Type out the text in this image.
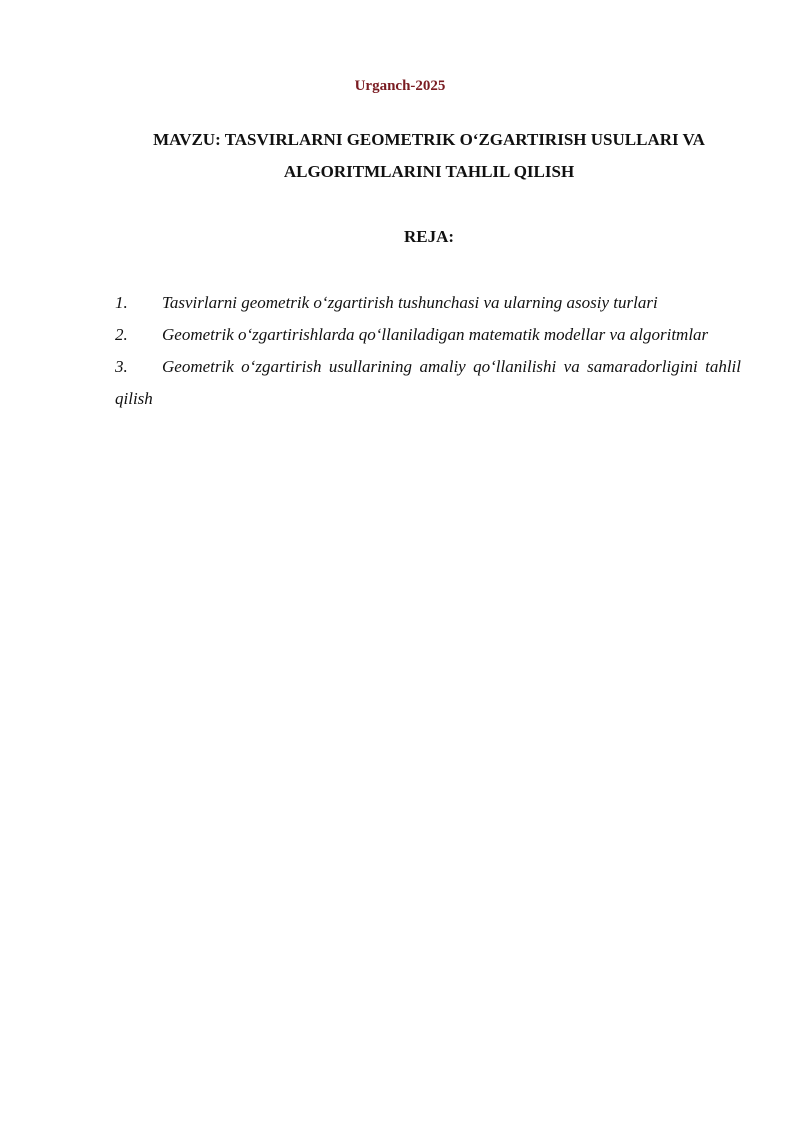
Urganch-2025
MAVZU: TASVIRLARNI GEOMETRIK O‘ZGARTIRISH USULLARI VA
ALGORITMLARINI TAHLIL QILISH
REJA:
1. Tasvirlarni geometrik o‘zgartirish tushunchasi va ularning asosiy turlari
2. Geometrik o‘zgartirishlarda qo‘llaniladigan matematik modellar va algoritmlar
3. Geometrik o‘zgartirish usullarining amaliy qo‘llanilishi va samaradorligini tahlil qilish
